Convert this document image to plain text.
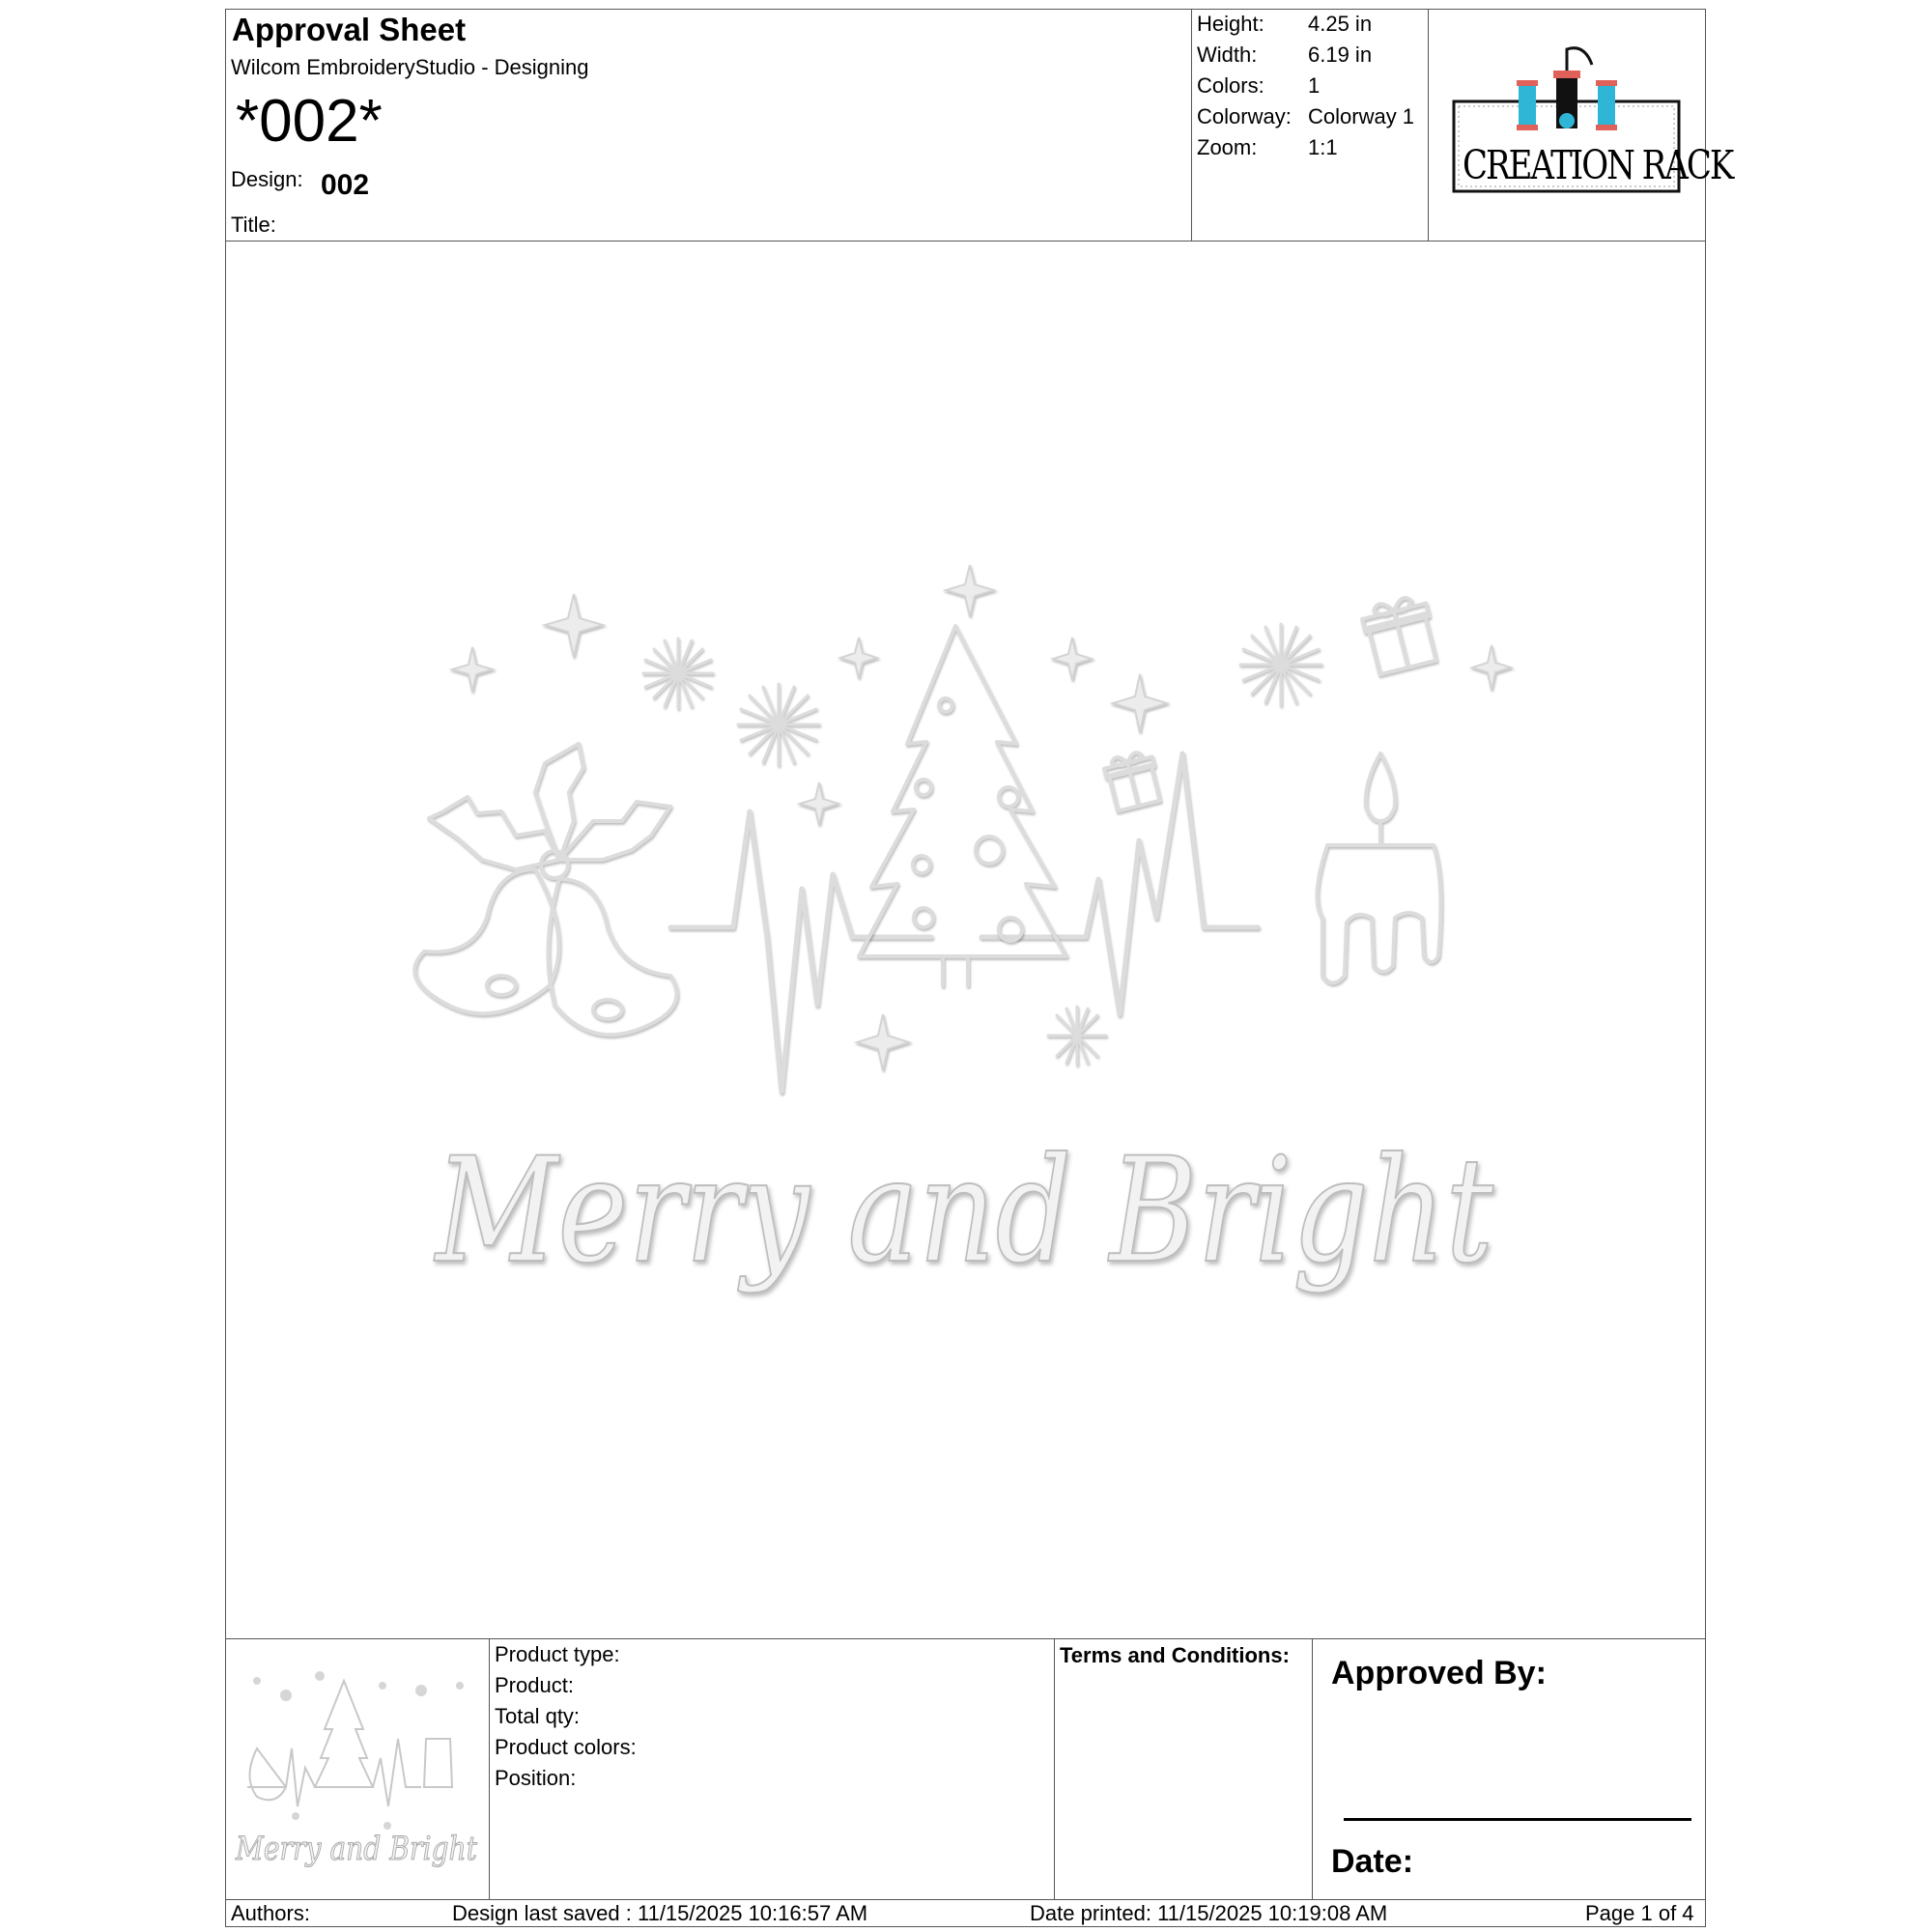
Approval Sheet
Wilcom EmbroideryStudio - Designing
*002*
Design: 002
Title:
Height: 4.25 in
Width: 6.19 in
Colors: 1
Colorway: Colorway 1
Zoom: 1:1	CREATION RACK
Merry and Bright
Merry and Bright
Product type:
Product:
Total qty:
Product colors:
Position:
Terms and Conditions: Approved By:
Date:
Authors:	Design last saved : 11/15/2025 10:16:57 AM	Date printed: 11/15/2025 10:19:08 AM	Page 1 of 4
